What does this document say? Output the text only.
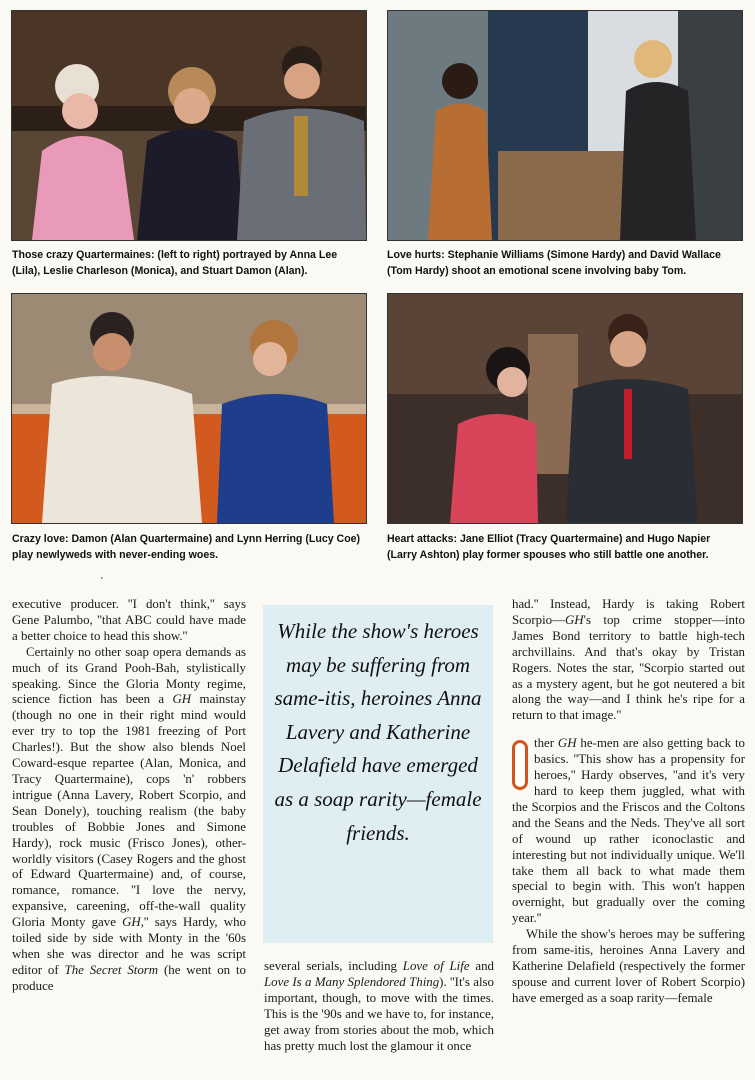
Those crazy Quartermaines: (left to right) portrayed by Anna Lee (Lila), Leslie Charleson (Monica), and Stuart Damon (Alan).
Love hurts: Stephanie Williams (Simone Hardy) and David Wallace (Tom Hardy) shoot an emotional scene involving baby Tom.
Crazy love: Damon (Alan Quartermaine) and Lynn Herring (Lucy Coe) play newlyweds with never-ending woes.
Heart attacks: Jane Elliot (Tracy Quartermaine) and Hugo Napier (Larry Ashton) play former spouses who still battle one another.
'

executive producer. ''I don't think,'' says Gene Palumbo, ''that ABC could have made a better choice to head this show.''

Certainly no other soap opera demands as much of its Grand Pooh-Bah, stylistically speaking. Since the Gloria Monty regime, science fiction has been a GH mainstay (though no one in their right mind would ever try to top the 1981 freezing of Port Charles!). But the show also blends Noel Coward-esque repartee (Alan, Monica, and Tracy Quartermaine), cops 'n' robbers intrigue (Anna Lavery, Robert Scorpio, and Sean Donely), touching realism (the baby troubles of Bobbie Jones and Simone Hardy), rock music (Frisco Jones), other-worldly visitors (Casey Rogers and the ghost of Edward Quartermaine) and, of course, romance, romance. ''I love the nervy, expansive, careening, off-the-wall quality Gloria Monty gave GH,'' says Hardy, who toiled side by side with Monty in the '60s when she was director and he was script editor of The Secret Storm (he went on to produce

While the show's heroes may be suffering from same-itis, heroines Anna Lavery and Katherine Delafield have emerged as a soap rarity—female friends.

several serials, including Love of Life and Love Is a Many Splendored Thing). ''It's also important, though, to move with the times. This is the '90s and we have to, for instance, get away from stories about the mob, which has pretty much lost the glamour it once

had.'' Instead, Hardy is taking Robert Scorpio—GH's top crime stopper—into James Bond territory to battle high-tech archvillains. And that's okay by Tristan Rogers. Notes the star, ''Scorpio started out as a mystery agent, but he got neutered a bit along the way—and I think he's ripe for a return to that image.''

ther GH he-men are also getting back to basics. ''This show has a propensity for heroes,'' Hardy observes, ''and it's very hard to keep them juggled, what with the Scorpios and the Friscos and the Coltons and the Seans and the Neds. They've all sort of wound up rather iconoclastic and interesting but not individually unique. We'll take them all back to what made them special to begin with. This won't happen overnight, but gradually over the coming year.''

While the show's heroes may be suffering from same-itis, heroines Anna Lavery and Katherine Delafield (respectively the former spouse and current lover of Robert Scorpio) have emerged as a soap rarity—female
